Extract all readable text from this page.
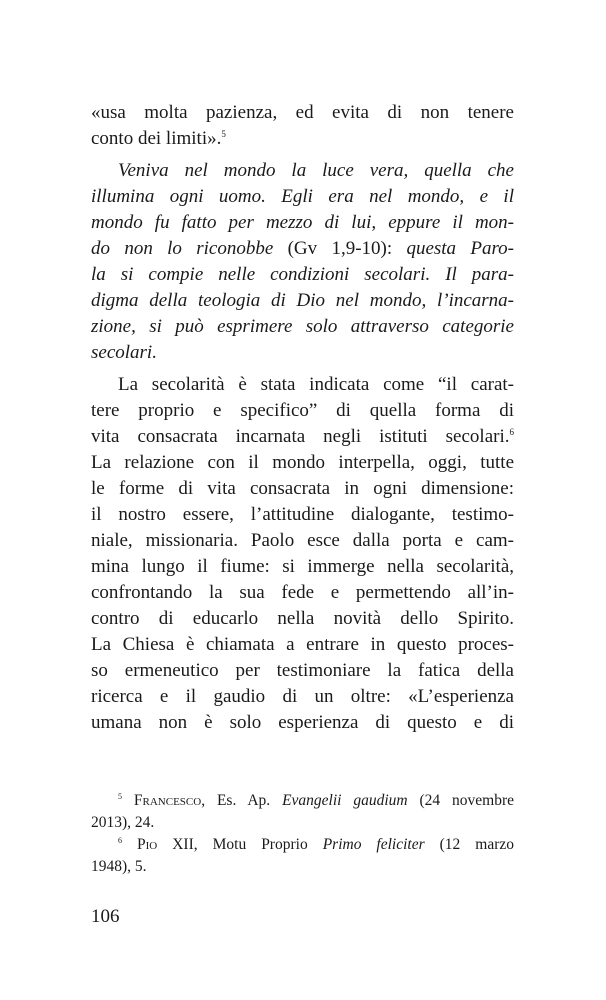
«usa molta pazienza, ed evita di non tenere
conto dei limiti».$^5$
Veniva nel mondo la luce vera, quella che
illumina ogni uomo. Egli era nel mondo, e il
mondo fu fatto per mezzo di lui, eppure il mon-
do non lo riconobbe (Gv 1,9-10): questa Paro-
la si compie nelle condizioni secolari. Il para-
digma della teologia di Dio nel mondo, l’incarna-
zione, si può esprimere solo attraverso categorie
secolari.
La secolarità è stata indicata come “il carat-
tere proprio e specifico” di quella forma di
vita consacrata incarnata negli istituti secolari.$^6$
La relazione con il mondo interpella, oggi, tutte
le forme di vita consacrata in ogni dimensione:
il nostro essere, l’attitudine dialogante, testimo-
niale, missionaria. Paolo esce dalla porta e cam-
mina lungo il fiume: si immerge nella secolarità,
confrontando la sua fede e permettendo all’in-
contro di educarlo nella novità dello Spirito.
La Chiesa è chiamata a entrare in questo proces-
so ermeneutico per testimoniare la fatica della
ricerca e il gaudio di un oltre: «L’esperienza
umana non è solo esperienza di questo e di
$^5$ Francesco, Es. Ap. Evangelii gaudium (24 novembre
2013), 24.
$^6$ Pio XII, Motu Proprio Primo feliciter (12 marzo
1948), 5.
106
